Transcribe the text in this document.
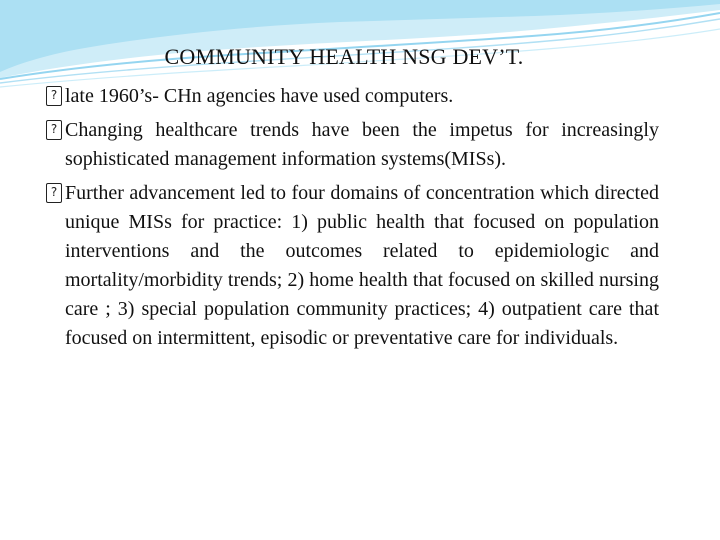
COMMUNITY HEALTH NSG DEV’T.
?
late 1960’s- CHn agencies have used computers.
?
Changing healthcare trends have been the impetus for increasingly sophisticated management information systems(MISs).
?
Further advancement led to four domains of concentration which directed unique MISs for practice: 1) public health that focused on population interventions and the outcomes related to epidemiologic and mortality/morbidity trends; 2) home health that focused on skilled nursing care ; 3) special population community practices; 4) outpatient care that focused on intermittent, episodic or preventative care for individuals.
